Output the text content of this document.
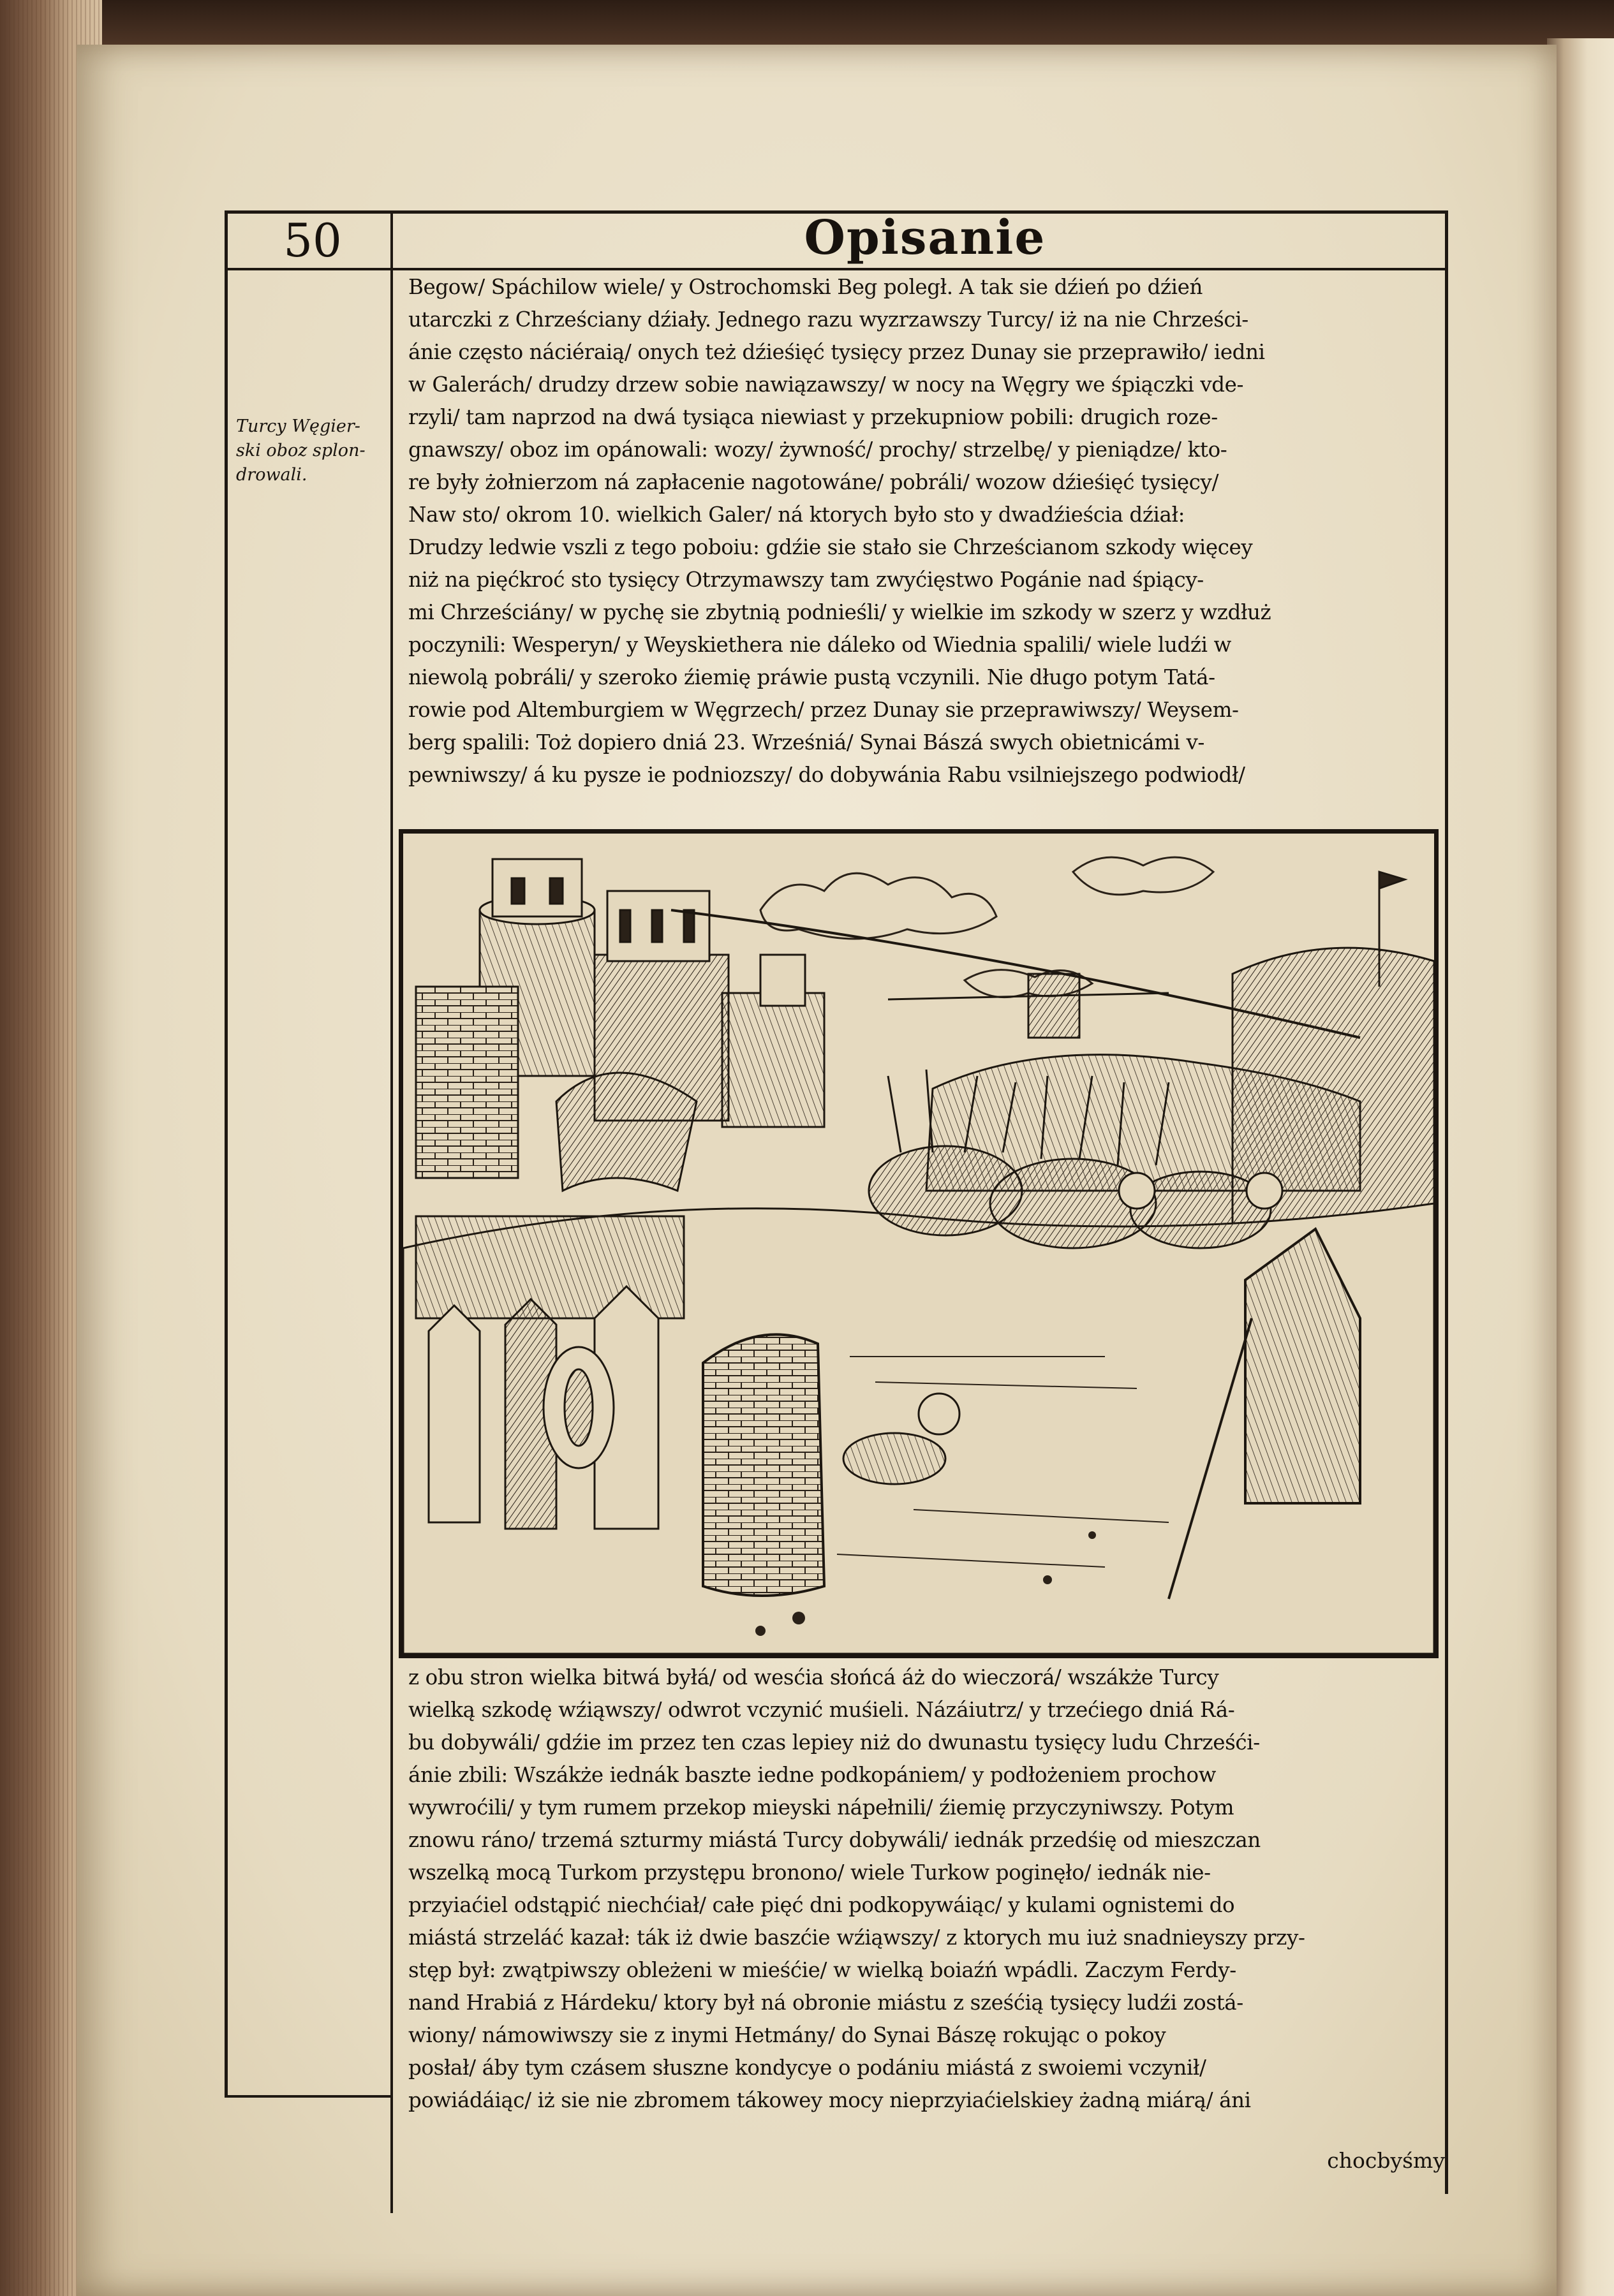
50	Opisanie
Turcy Węgier-
ski oboz splon-
drowali.
Begow/ Spáchilow wiele/ y Ostrochomski Beg poległ. A tak sie dźień po dźień
utarczki z Chrześciany dźiały. Jednego razu wyzrzawszy Turcy/ iż na nie Chrześci-
ánie często náciéraią/ onych też dźieśięć tysięcy przez Dunay sie przeprawiło/ iedni
w Galerách/ drudzy drzew sobie nawiązawszy/ w nocy na Węgry we śpiączki vde-
rzyli/ tam naprzod na dwá tysiąca niewiast y przekupniow pobili: drugich roze-
gnawszy/ oboz im opánowali: wozy/ żywność/ prochy/ strzelbę/ y pieniądze/ kto-
re były żołnierzom ná zapłacenie nagotowáne/ pobráli/ wozow dźieśięć tysięcy/
Naw sto/ okrom 10. wielkich Galer/ ná ktorych było sto y dwadźieścia dźiał:
Drudzy ledwie vszli z tego poboiu: gdźie sie stało sie Chrześcianom szkody więcey
niż na pięćkroć sto tysięcy Otrzymawszy tam zwyćięstwo Pogánie nad śpiący-
mi Chrześciány/ w pychę sie zbytnią podnieśli/ y wielkie im szkody w szerz y wzdłuż
poczynili: Wesperyn/ y Weyskiethera nie dáleko od Wiednia spalili/ wiele ludźi w
niewolą pobráli/ y szeroko źiemię práwie pustą vczynili. Nie długo potym Tatá-
rowie pod Altemburgiem w Węgrzech/ przez Dunay sie przeprawiwszy/ Weysem-
berg spalili: Toż dopiero dniá 23. Wrześniá/ Synai Bászá swych obietnicámi v-
pewniwszy/ á ku pysze ie podniozszy/ do dobywánia Rabu vsilniejszego podwiodł/
z obu stron wielka bitwá byłá/ od wesćia słońcá áż do wieczorá/ wszákże Turcy
wielką szkodę wźiąwszy/ odwrot vczynić muśieli. Názáiutrz/ y trzećiego dniá Rá-
bu dobywáli/ gdźie im przez ten czas lepiey niż do dwunastu tysięcy ludu Chrześći-
ánie zbili: Wszákże iednák baszte iedne podkopániem/ y podłożeniem prochow
wywroćili/ y tym rumem przekop mieyski nápełnili/ źiemię przyczyniwszy. Potym
znowu ráno/ trzemá szturmy miástá Turcy dobywáli/ iednák przedśię od mieszczan
wszelką mocą Turkom przystępu bronono/ wiele Turkow poginęło/ iednák nie-
przyiaćiel odstąpić niechćiał/ całe pięć dni podkopywáiąc/ y kulami ognistemi do
miástá strzeláć kazał: ták iż dwie baszćie wźiąwszy/ z ktorych mu iuż snadnieyszy przy-
stęp był: zwątpiwszy obleżeni w mieśćie/ w wielką boiaźń wpádli. Zaczym Ferdy-
nand Hrabiá z Hárdeku/ ktory był ná obronie miástu z sześćią tysięcy ludźi zostá-
wiony/ námowiwszy sie z inymi Hetmány/ do Synai Bászę rokując o pokoy
posłał/ áby tym czásem słuszne kondycye o podániu miástá z swoiemi vczynił/
powiádáiąc/ iż sie nie zbromem tákowey mocy nieprzyiaćielskiey żadną miárą/ áni
chocbyśmy
